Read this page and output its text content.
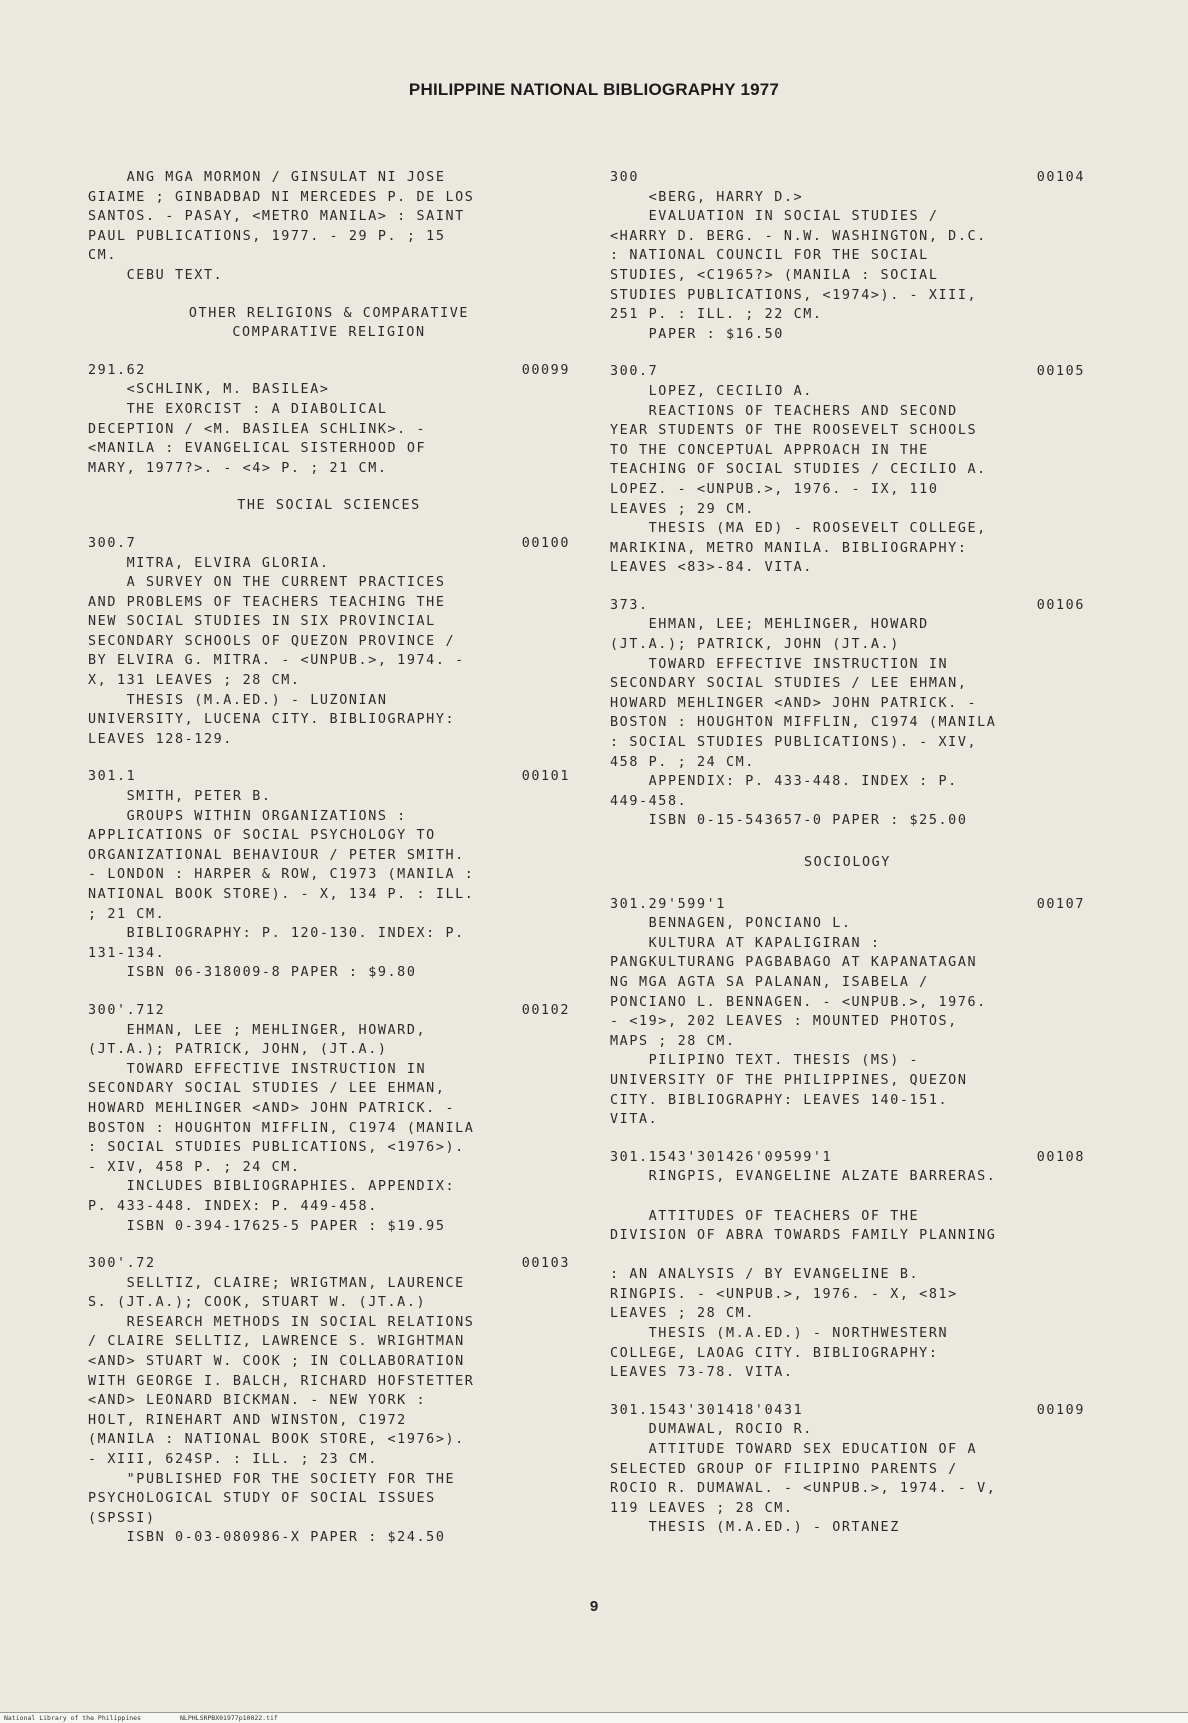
PHILIPPINE NATIONAL BIBLIOGRAPHY 1977
ANG MGA MORMON / GINSULAT NI JOSE
GIAIME ; GINBADBAD NI MERCEDES P. DE LOS
SANTOS. - PASAY, <METRO MANILA> : SAINT
PAUL PUBLICATIONS, 1977. - 29 P. ; 15
CM.
CEBU TEXT.
OTHER RELIGIONS & COMPARATIVE
COMPARATIVE RELIGION
291.62	00099
<SCHLINK, M. BASILEA>
THE EXORCIST : A DIABOLICAL
DECEPTION / <M. BASILEA SCHLINK>. -
<MANILA : EVANGELICAL SISTERHOOD OF
MARY, 1977?>. - <4> P. ; 21 CM.
THE SOCIAL SCIENCES
300.7	00100
MITRA, ELVIRA GLORIA.
A SURVEY ON THE CURRENT PRACTICES
AND PROBLEMS OF TEACHERS TEACHING THE
NEW SOCIAL STUDIES IN SIX PROVINCIAL
SECONDARY SCHOOLS OF QUEZON PROVINCE /
BY ELVIRA G. MITRA. - <UNPUB.>, 1974. -
X, 131 LEAVES ; 28 CM.
THESIS (M.A.ED.) - LUZONIAN
UNIVERSITY, LUCENA CITY. BIBLIOGRAPHY:
LEAVES 128-129.
301.1	00101
SMITH, PETER B.
GROUPS WITHIN ORGANIZATIONS :
APPLICATIONS OF SOCIAL PSYCHOLOGY TO
ORGANIZATIONAL BEHAVIOUR / PETER SMITH.
- LONDON : HARPER & ROW, C1973 (MANILA :
NATIONAL BOOK STORE). - X, 134 P. : ILL.
; 21 CM.
BIBLIOGRAPHY: P. 120-130. INDEX: P.
131-134.
ISBN 06-318009-8 PAPER : $9.80
300'.712	00102
EHMAN, LEE ; MEHLINGER, HOWARD,
(JT.A.); PATRICK, JOHN, (JT.A.)
TOWARD EFFECTIVE INSTRUCTION IN
SECONDARY SOCIAL STUDIES / LEE EHMAN,
HOWARD MEHLINGER <AND> JOHN PATRICK. -
BOSTON : HOUGHTON MIFFLIN, C1974 (MANILA
: SOCIAL STUDIES PUBLICATIONS, <1976>).
- XIV, 458 P. ; 24 CM.
INCLUDES BIBLIOGRAPHIES. APPENDIX:
P. 433-448. INDEX: P. 449-458.
ISBN 0-394-17625-5 PAPER : $19.95
300'.72	00103
SELLTIZ, CLAIRE; WRIGTMAN, LAURENCE
S. (JT.A.); COOK, STUART W. (JT.A.)
RESEARCH METHODS IN SOCIAL RELATIONS
/ CLAIRE SELLTIZ, LAWRENCE S. WRIGHTMAN
<AND> STUART W. COOK ; IN COLLABORATION
WITH GEORGE I. BALCH, RICHARD HOFSTETTER
<AND> LEONARD BICKMAN. - NEW YORK :
HOLT, RINEHART AND WINSTON, C1972
(MANILA : NATIONAL BOOK STORE, <1976>).
- XIII, 624SP. : ILL. ; 23 CM.
"PUBLISHED FOR THE SOCIETY FOR THE
PSYCHOLOGICAL STUDY OF SOCIAL ISSUES
(SPSSI)
ISBN 0-03-080986-X PAPER : $24.50
300	00104
<BERG, HARRY D.>
EVALUATION IN SOCIAL STUDIES /
<HARRY D. BERG. - N.W. WASHINGTON, D.C.
: NATIONAL COUNCIL FOR THE SOCIAL
STUDIES, <C1965?> (MANILA : SOCIAL
STUDIES PUBLICATIONS, <1974>). - XIII,
251 P. : ILL. ; 22 CM.
PAPER : $16.50
300.7	00105
LOPEZ, CECILIO A.
REACTIONS OF TEACHERS AND SECOND
YEAR STUDENTS OF THE ROOSEVELT SCHOOLS
TO THE CONCEPTUAL APPROACH IN THE
TEACHING OF SOCIAL STUDIES / CECILIO A.
LOPEZ. - <UNPUB.>, 1976. - IX, 110
LEAVES ; 29 CM.
THESIS (MA ED) - ROOSEVELT COLLEGE,
MARIKINA, METRO MANILA. BIBLIOGRAPHY:
LEAVES <83>-84. VITA.
373.	00106
EHMAN, LEE; MEHLINGER, HOWARD
(JT.A.); PATRICK, JOHN (JT.A.)
TOWARD EFFECTIVE INSTRUCTION IN
SECONDARY SOCIAL STUDIES / LEE EHMAN,
HOWARD MEHLINGER <AND> JOHN PATRICK. -
BOSTON : HOUGHTON MIFFLIN, C1974 (MANILA
: SOCIAL STUDIES PUBLICATIONS). - XIV,
458 P. ; 24 CM.
APPENDIX: P. 433-448. INDEX : P.
449-458.
ISBN 0-15-543657-0 PAPER : $25.00
SOCIOLOGY
301.29'599'1	00107
BENNAGEN, PONCIANO L.
KULTURA AT KAPALIGIRAN :
PANGKULTURANG PAGBABAGO AT KAPANATAGAN
NG MGA AGTA SA PALANAN, ISABELA /
PONCIANO L. BENNAGEN. - <UNPUB.>, 1976.
- <19>, 202 LEAVES : MOUNTED PHOTOS,
MAPS ; 28 CM.
PILIPINO TEXT. THESIS (MS) -
UNIVERSITY OF THE PHILIPPINES, QUEZON
CITY. BIBLIOGRAPHY: LEAVES 140-151.
VITA.
301.1543'301426'09599'1	00108
RINGPIS, EVANGELINE ALZATE BARRERAS.

ATTITUDES OF TEACHERS OF THE
DIVISION OF ABRA TOWARDS FAMILY PLANNING

: AN ANALYSIS / BY EVANGELINE B.
RINGPIS. - <UNPUB.>, 1976. - X, <81>
LEAVES ; 28 CM.
THESIS (M.A.ED.) - NORTHWESTERN
COLLEGE, LAOAG CITY. BIBLIOGRAPHY:
LEAVES 73-78. VITA.
301.1543'301418'0431	00109
DUMAWAL, ROCIO R.
ATTITUDE TOWARD SEX EDUCATION OF A
SELECTED GROUP OF FILIPINO PARENTS /
ROCIO R. DUMAWAL. - <UNPUB.>, 1974. - V,
119 LEAVES ; 28 CM.
THESIS (M.A.ED.) - ORTANEZ
9
National Library of the Philippines	NLPHLSRPBX01977p10022.tif
